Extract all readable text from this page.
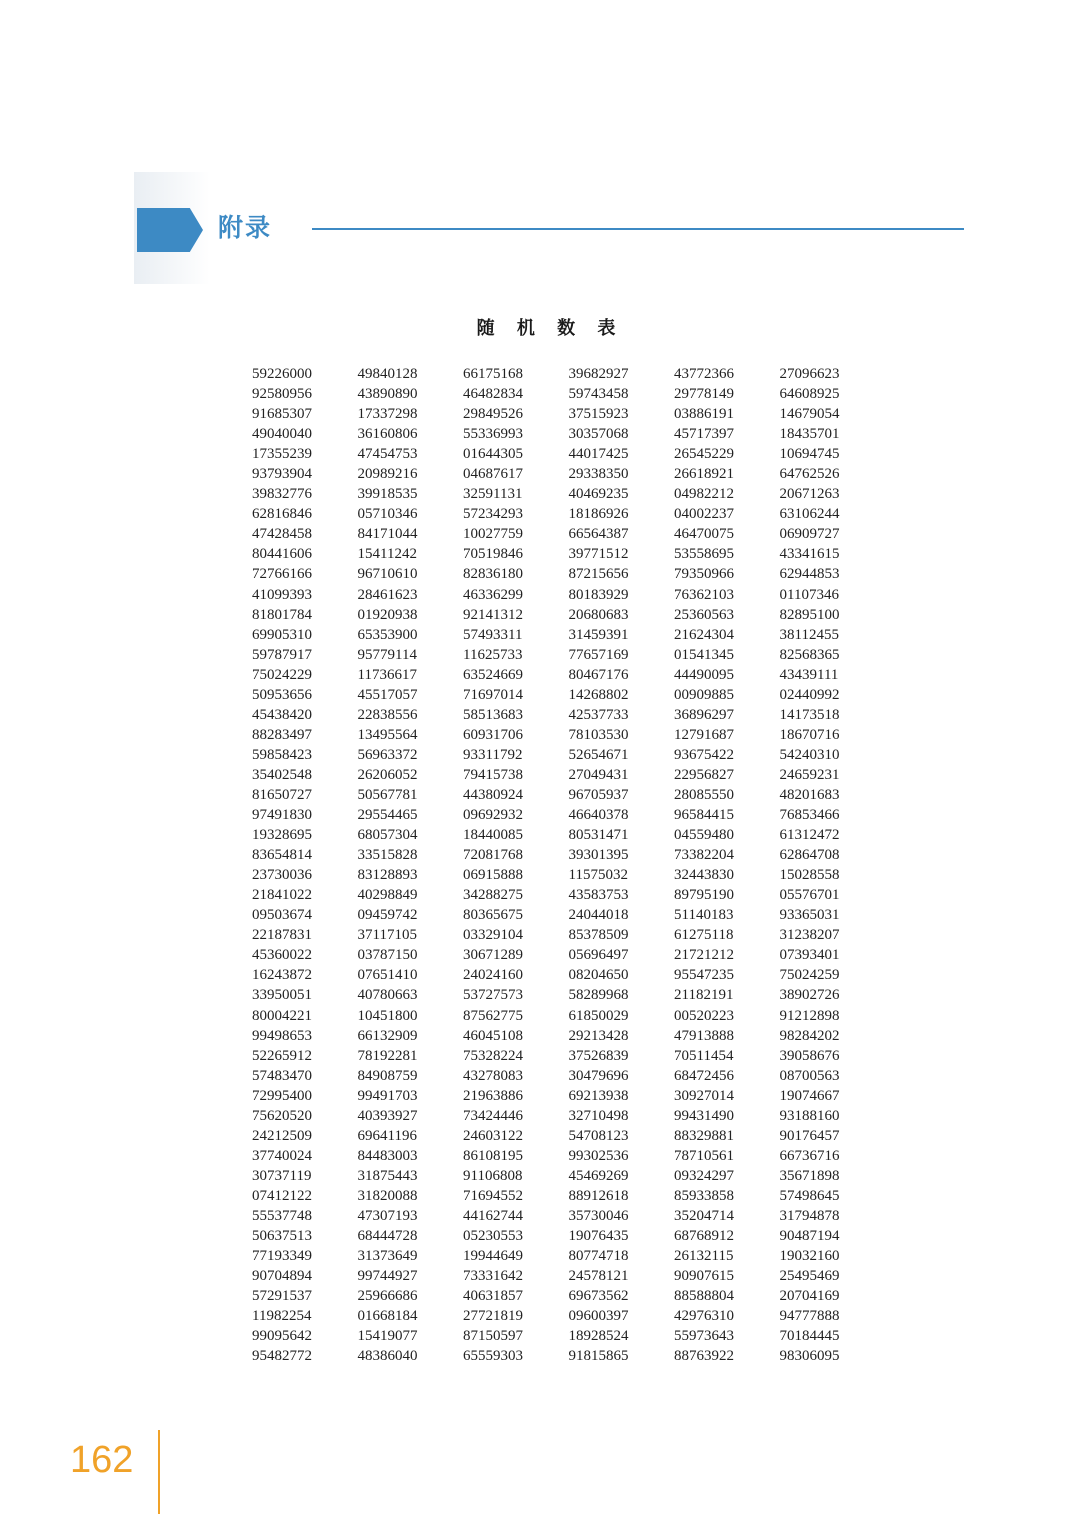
附录
随 机 数 表
59226000	49840128	66175168	39682927	43772366	27096623
92580956	43890890	46482834	59743458	29778149	64608925
91685307	17337298	29849526	37515923	03886191	14679054
49040040	36160806	55336993	30357068	45717397	18435701
17355239	47454753	01644305	44017425	26545229	10694745
93793904	20989216	04687617	29338350	26618921	64762526
39832776	39918535	32591131	40469235	04982212	20671263
62816846	05710346	57234293	18186926	04002237	63106244
47428458	84171044	10027759	66564387	46470075	06909727
80441606	15411242	70519846	39771512	53558695	43341615
72766166	96710610	82836180	87215656	79350966	62944853
41099393	28461623	46336299	80183929	76362103	01107346
81801784	01920938	92141312	20680683	25360563	82895100
69905310	65353900	57493311	31459391	21624304	38112455
59787917	95779114	11625733	77657169	01541345	82568365
75024229	11736617	63524669	80467176	44490095	43439111
50953656	45517057	71697014	14268802	00909885	02440992
45438420	22838556	58513683	42537733	36896297	14173518
88283497	13495564	60931706	78103530	12791687	18670716
59858423	56963372	93311792	52654671	93675422	54240310
35402548	26206052	79415738	27049431	22956827	24659231
81650727	50567781	44380924	96705937	28085550	48201683
97491830	29554465	09692932	46640378	96584415	76853466
19328695	68057304	18440085	80531471	04559480	61312472
83654814	33515828	72081768	39301395	73382204	62864708
23730036	83128893	06915888	11575032	32443830	15028558
21841022	40298849	34288275	43583753	89795190	05576701
09503674	09459742	80365675	24044018	51140183	93365031
22187831	37117105	03329104	85378509	61275118	31238207
45360022	03787150	30671289	05696497	21721212	07393401
16243872	07651410	24024160	08204650	95547235	75024259
33950051	40780663	53727573	58289968	21182191	38902726
80004221	10451800	87562775	61850029	00520223	91212898
99498653	66132909	46045108	29213428	47913888	98284202
52265912	78192281	75328224	37526839	70511454	39058676
57483470	84908759	43278083	30479696	68472456	08700563
72995400	99491703	21963886	69213938	30927014	19074667
75620520	40393927	73424446	32710498	99431490	93188160
24212509	69641196	24603122	54708123	88329881	90176457
37740024	84483003	86108195	99302536	78710561	66736716
30737119	31875443	91106808	45469269	09324297	35671898
07412122	31820088	71694552	88912618	85933858	57498645
55537748	47307193	44162744	35730046	35204714	31794878
50637513	68444728	05230553	19076435	68768912	90487194
77193349	31373649	19944649	80774718	26132115	19032160
90704894	99744927	73331642	24578121	90907615	25495469
57291537	25966686	40631857	69673562	88588804	20704169
11982254	01668184	27721819	09600397	42976310	94777888
99095642	15419077	87150597	18928524	55973643	70184445
95482772	48386040	65559303	91815865	88763922	98306095
162
